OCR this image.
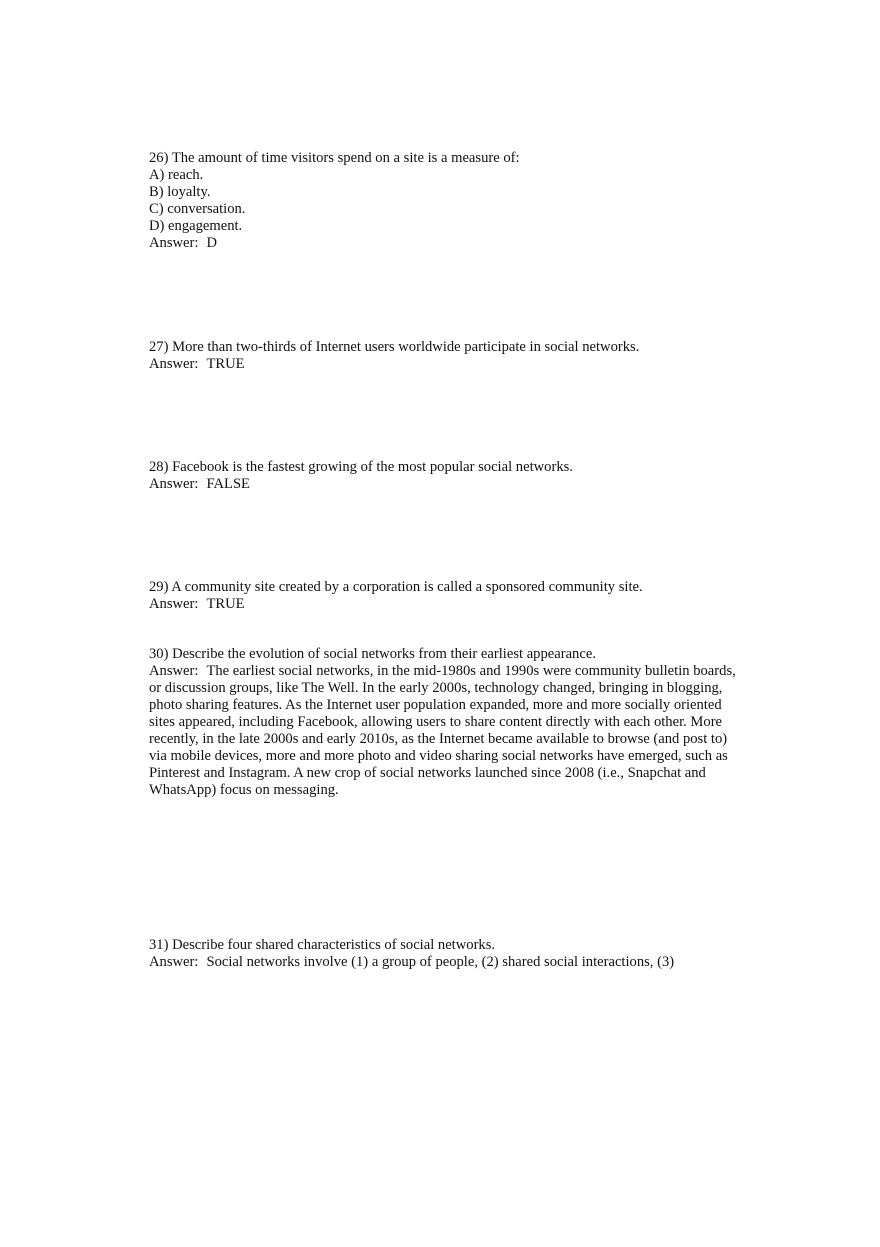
26) The amount of time visitors spend on a site is a measure of:
A) reach.
B) loyalty.
C) conversation.
D) engagement.
Answer: D
27) More than two-thirds of Internet users worldwide participate in social networks.
Answer: TRUE
28) Facebook is the fastest growing of the most popular social networks.
Answer: FALSE
29) A community site created by a corporation is called a sponsored community site.
Answer: TRUE
30) Describe the evolution of social networks from their earliest appearance.
Answer: The earliest social networks, in the mid-1980s and 1990s were community bulletin boards, or discussion groups, like The Well. In the early 2000s, technology changed, bringing in blogging, photo sharing features. As the Internet user population expanded, more and more socially oriented sites appeared, including Facebook, allowing users to share content directly with each other. More recently, in the late 2000s and early 2010s, as the Internet became available to browse (and post to) via mobile devices, more and more photo and video sharing social networks have emerged, such as Pinterest and Instagram. A new crop of social networks launched since 2008 (i.e., Snapchat and WhatsApp) focus on messaging.
31) Describe four shared characteristics of social networks.
Answer: Social networks involve (1) a group of people, (2) shared social interactions, (3)
